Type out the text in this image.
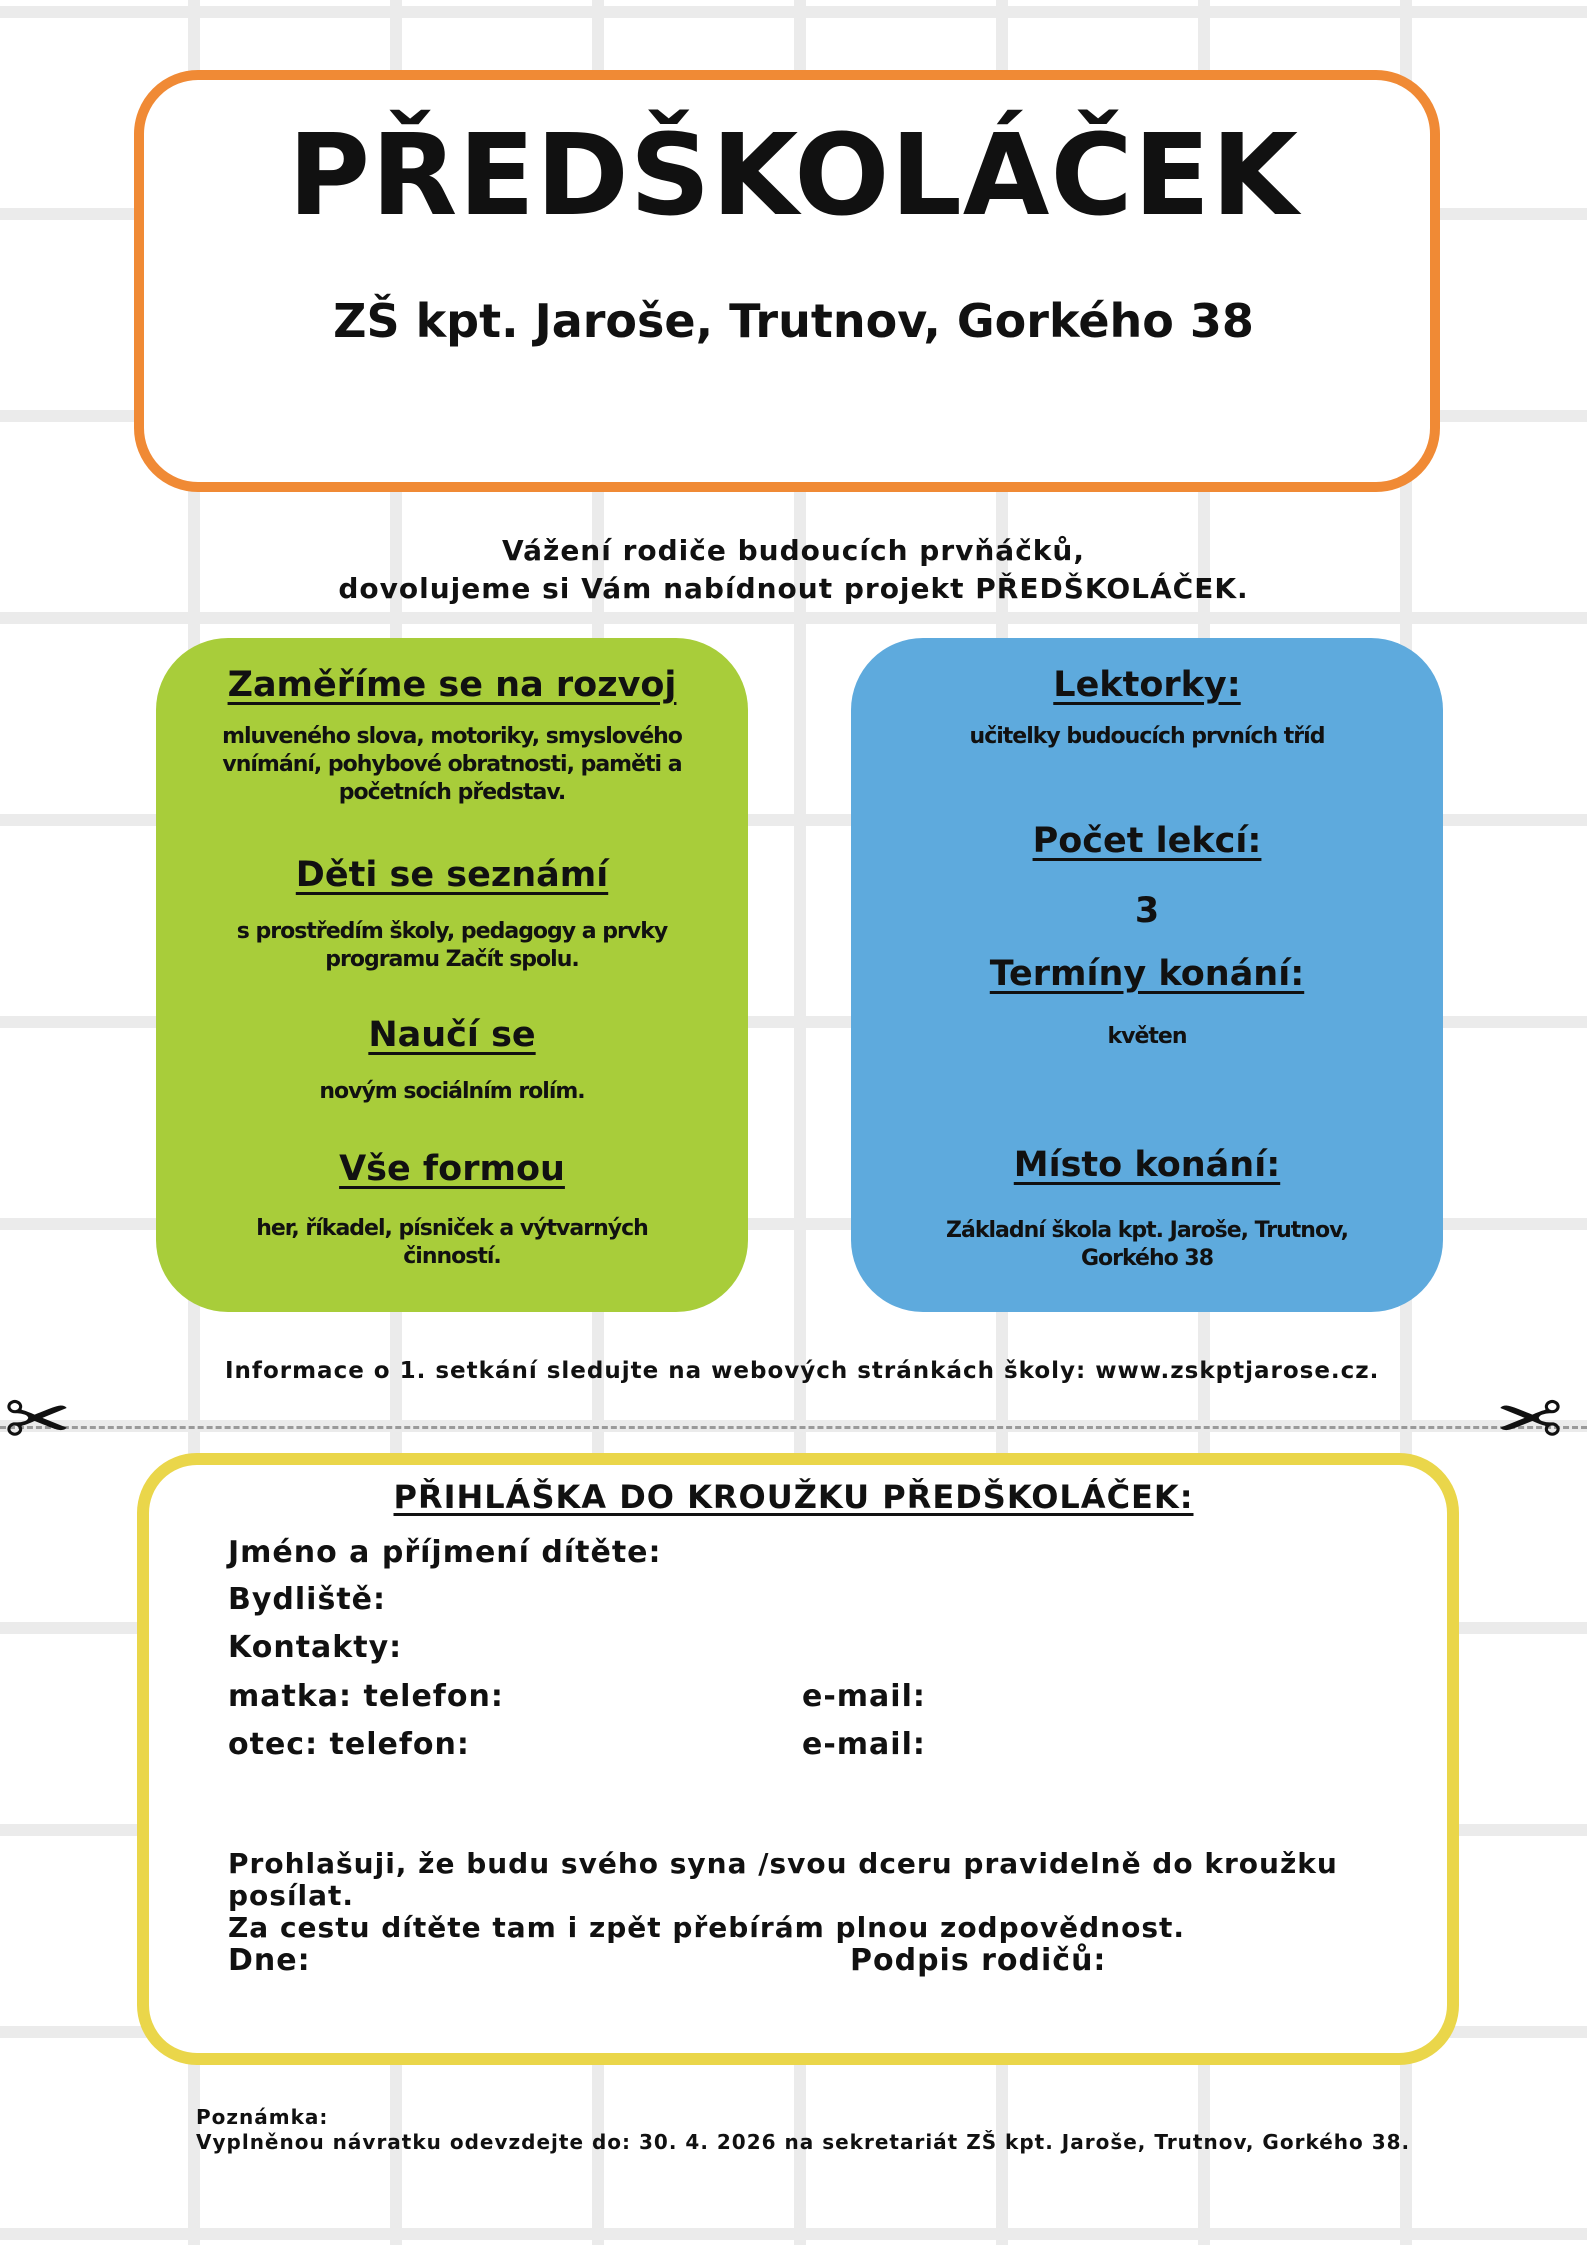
PŘEDŠKOLÁČEK
ZŠ kpt. Jaroše, Trutnov, Gorkého 38
Vážení rodiče budoucích prvňáčků,
dovolujeme si Vám nabídnout projekt PŘEDŠKOLÁČEK.
Zaměříme se na rozvoj
mluveného slova, motoriky, smyslového vnímání, pohybové obratnosti, paměti a početních představ.
Děti se seznámí
s prostředím školy, pedagogy a prvky programu Začít spolu.
Naučí se
novým sociálním rolím.
Vše formou
her, říkadel, písniček a výtvarných činností.
Lektorky:
učitelky budoucích prvních tříd
Počet lekcí:
3
Termíny konání:
květen
Místo konání:
Základní škola kpt. Jaroše, Trutnov, Gorkého 38
Informace o 1. setkání sledujte na webových stránkách školy: www.zskptjarose.cz.
✂	✂
PŘIHLÁŠKA DO KROUŽKU PŘEDŠKOLÁČEK:
Jméno a příjmení dítěte:
Bydliště:
Kontakty:
matka: telefon:	e-mail:
otec: telefon:	e-mail:
Prohlašuji, že budu svého syna /svou dceru pravidelně do kroužku posílat.
Za cestu dítěte tam i zpět přebírám plnou zodpovědnost.
Dne:	Podpis rodičů:
Poznámka:
Vyplněnou návratku odevzdejte do: 30. 4. 2026 na sekretariát ZŠ kpt. Jaroše, Trutnov, Gorkého 38.
